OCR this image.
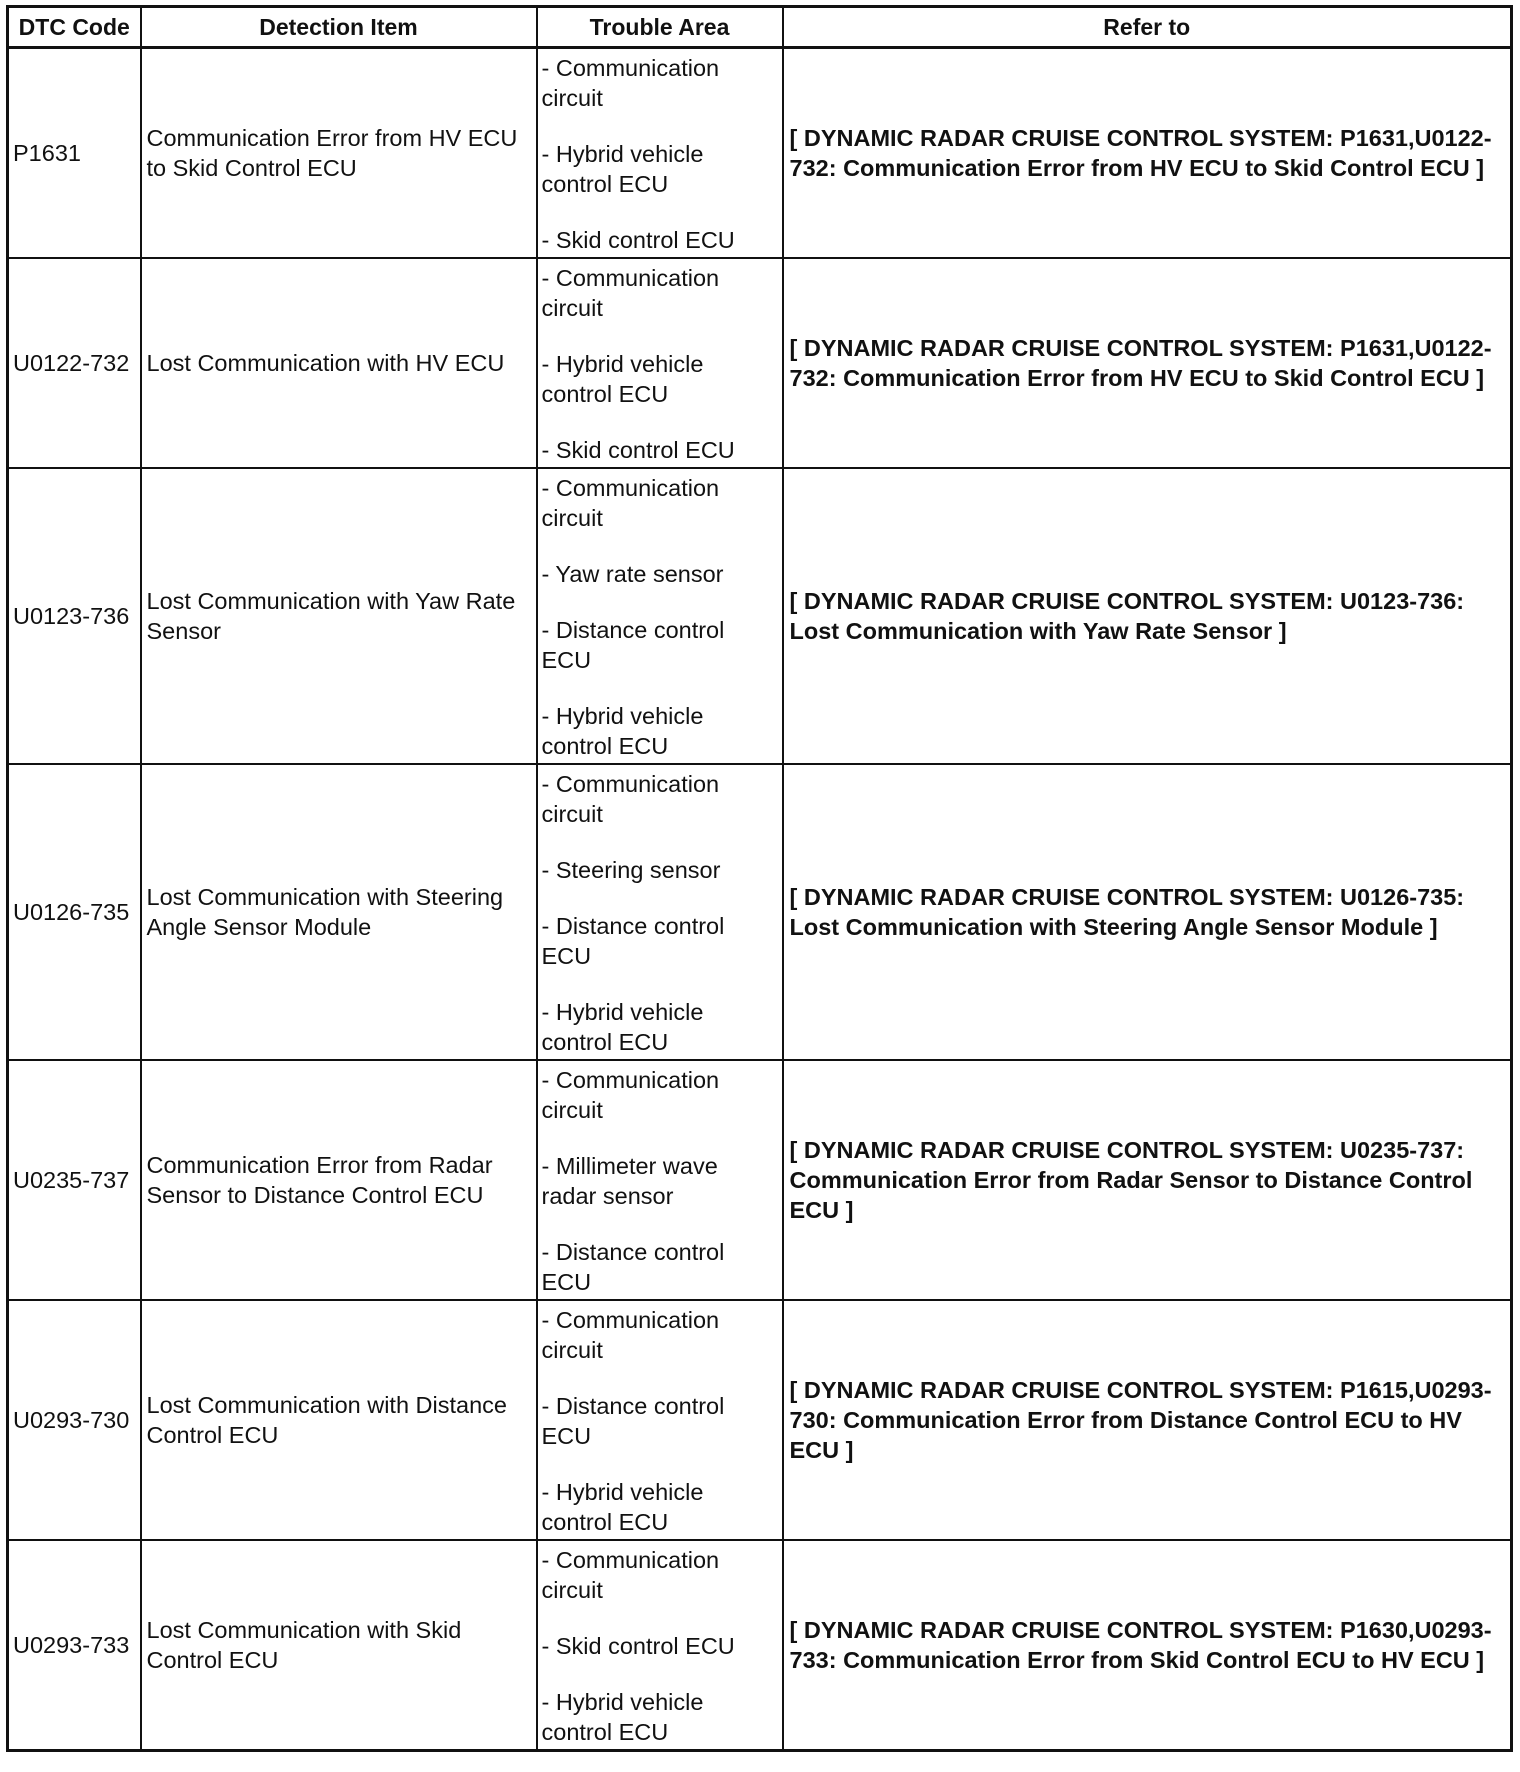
DTC Code	Detection Item	Trouble Area	Refer to
P1631	Communication Error from HV ECU to Skid Control ECU	- Communication circuit
- Hybrid vehicle control ECU
- Skid control ECU	[ DYNAMIC RADAR CRUISE CONTROL SYSTEM: P1631,U0122-732: Communication Error from HV ECU to Skid Control ECU ]
U0122-732	Lost Communication with HV ECU	- Communication circuit
- Hybrid vehicle control ECU
- Skid control ECU	[ DYNAMIC RADAR CRUISE CONTROL SYSTEM: P1631,U0122-732: Communication Error from HV ECU to Skid Control ECU ]
U0123-736	Lost Communication with Yaw Rate Sensor	- Communication circuit
- Yaw rate sensor
- Distance control ECU
- Hybrid vehicle control ECU	[ DYNAMIC RADAR CRUISE CONTROL SYSTEM: U0123-736: Lost Communication with Yaw Rate Sensor ]
U0126-735	Lost Communication with Steering Angle Sensor Module	- Communication circuit
- Steering sensor
- Distance control ECU
- Hybrid vehicle control ECU	[ DYNAMIC RADAR CRUISE CONTROL SYSTEM: U0126-735: Lost Communication with Steering Angle Sensor Module ]
U0235-737	Communication Error from Radar Sensor to Distance Control ECU	- Communication circuit
- Millimeter wave radar sensor
- Distance control ECU	[ DYNAMIC RADAR CRUISE CONTROL SYSTEM: U0235-737: Communication Error from Radar Sensor to Distance Control ECU ]
U0293-730	Lost Communication with Distance Control ECU	- Communication circuit
- Distance control ECU
- Hybrid vehicle control ECU	[ DYNAMIC RADAR CRUISE CONTROL SYSTEM: P1615,U0293-730: Communication Error from Distance Control ECU to HV ECU ]
U0293-733	Lost Communication with Skid Control ECU	- Communication circuit
- Skid control ECU
- Hybrid vehicle control ECU	[ DYNAMIC RADAR CRUISE CONTROL SYSTEM: P1630,U0293-733: Communication Error from Skid Control ECU to HV ECU ]
